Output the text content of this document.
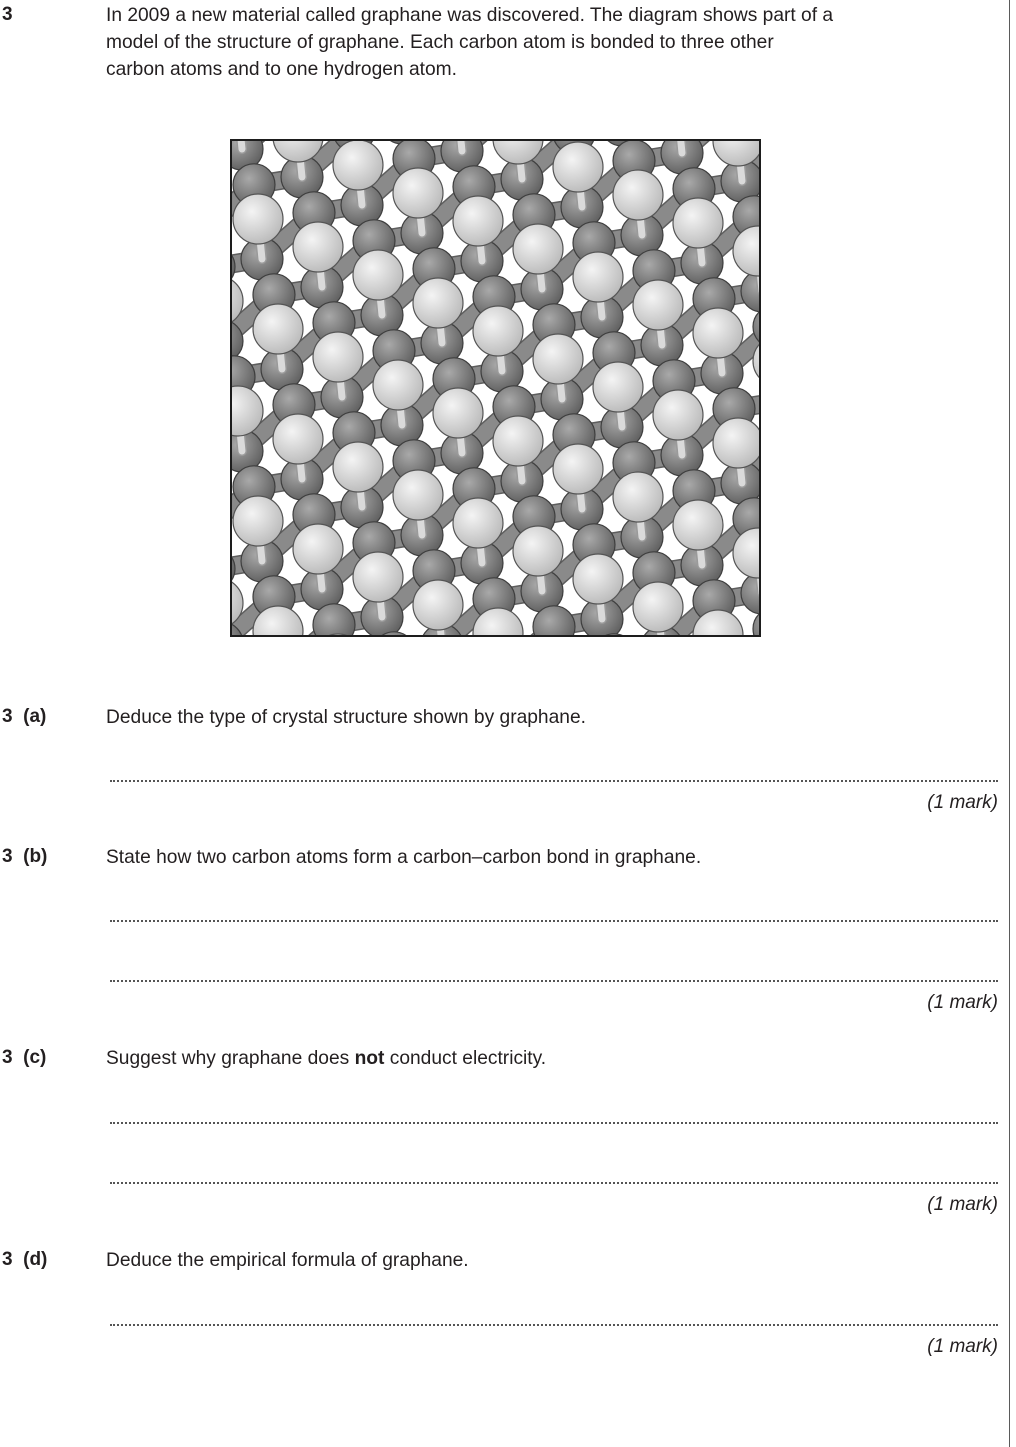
3	In 2009 a new material called graphane was discovered. The diagram shows part of a
model of the structure of graphane. Each carbon atom is bonded to three other
carbon atoms and to one hydrogen atom.
3  (a)	Deduce the type of crystal structure shown by graphane.
(1 mark)
3  (b)	State how two carbon atoms form a carbon–carbon bond in graphane.
(1 mark)
3  (c)	Suggest why graphane does not conduct electricity.
(1 mark)
3  (d)	Deduce the empirical formula of graphane.
(1 mark)
